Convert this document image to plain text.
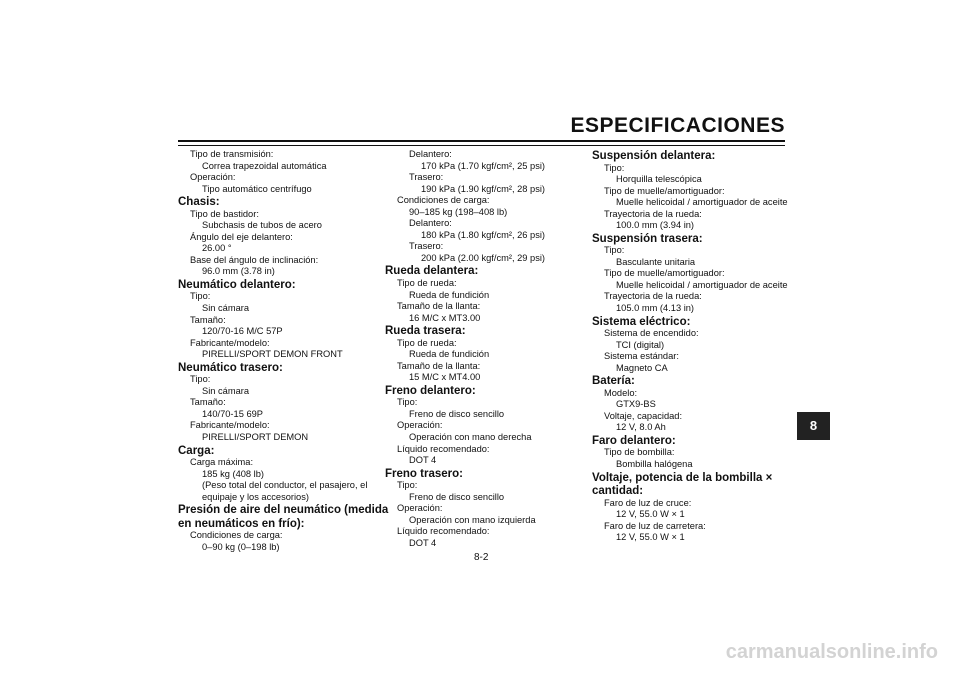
ESPECIFICACIONES
Tipo de transmisión:
Correa trapezoidal automática
Operación:
Tipo automático centrífugo
Chasis:
Tipo de bastidor:
Subchasis de tubos de acero
Ángulo del eje delantero:
26.00 °
Base del ángulo de inclinación:
96.0 mm (3.78 in)
Neumático delantero:
Tipo:
Sin cámara
Tamaño:
120/70-16 M/C 57P
Fabricante/modelo:
PIRELLI/SPORT DEMON FRONT
Neumático trasero:
Tipo:
Sin cámara
Tamaño:
140/70-15 69P
Fabricante/modelo:
PIRELLI/SPORT DEMON
Carga:
Carga máxima:
185 kg (408 lb)
(Peso total del conductor, el pasajero, el
equipaje y los accesorios)
Presión de aire del neumático (medida
en neumáticos en frío):
Condiciones de carga:
0–90 kg (0–198 lb)
Delantero:
170 kPa (1.70 kgf/cm², 25 psi)
Trasero:
190 kPa (1.90 kgf/cm², 28 psi)
Condiciones de carga:
90–185 kg (198–408 lb)
Delantero:
180 kPa (1.80 kgf/cm², 26 psi)
Trasero:
200 kPa (2.00 kgf/cm², 29 psi)
Rueda delantera:
Tipo de rueda:
Rueda de fundición
Tamaño de la llanta:
16 M/C x MT3.00
Rueda trasera:
Tipo de rueda:
Rueda de fundición
Tamaño de la llanta:
15 M/C x MT4.00
Freno delantero:
Tipo:
Freno de disco sencillo
Operación:
Operación con mano derecha
Líquido recomendado:
DOT 4
Freno trasero:
Tipo:
Freno de disco sencillo
Operación:
Operación con mano izquierda
Líquido recomendado:
DOT 4
Suspensión delantera:
Tipo:
Horquilla telescópica
Tipo de muelle/amortiguador:
Muelle helicoidal / amortiguador de aceite
Trayectoria de la rueda:
100.0 mm (3.94 in)
Suspensión trasera:
Tipo:
Basculante unitaria
Tipo de muelle/amortiguador:
Muelle helicoidal / amortiguador de aceite
Trayectoria de la rueda:
105.0 mm (4.13 in)
Sistema eléctrico:
Sistema de encendido:
TCI (digital)
Sistema estándar:
Magneto CA
Batería:
Modelo:
GTX9-BS
Voltaje, capacidad:
12 V, 8.0 Ah
Faro delantero:
Tipo de bombilla:
Bombilla halógena
Voltaje, potencia de la bombilla ×
cantidad:
Faro de luz de cruce:
12 V, 55.0 W × 1
Faro de luz de carretera:
12 V, 55.0 W × 1
8
8-2
carmanualsonline.info
